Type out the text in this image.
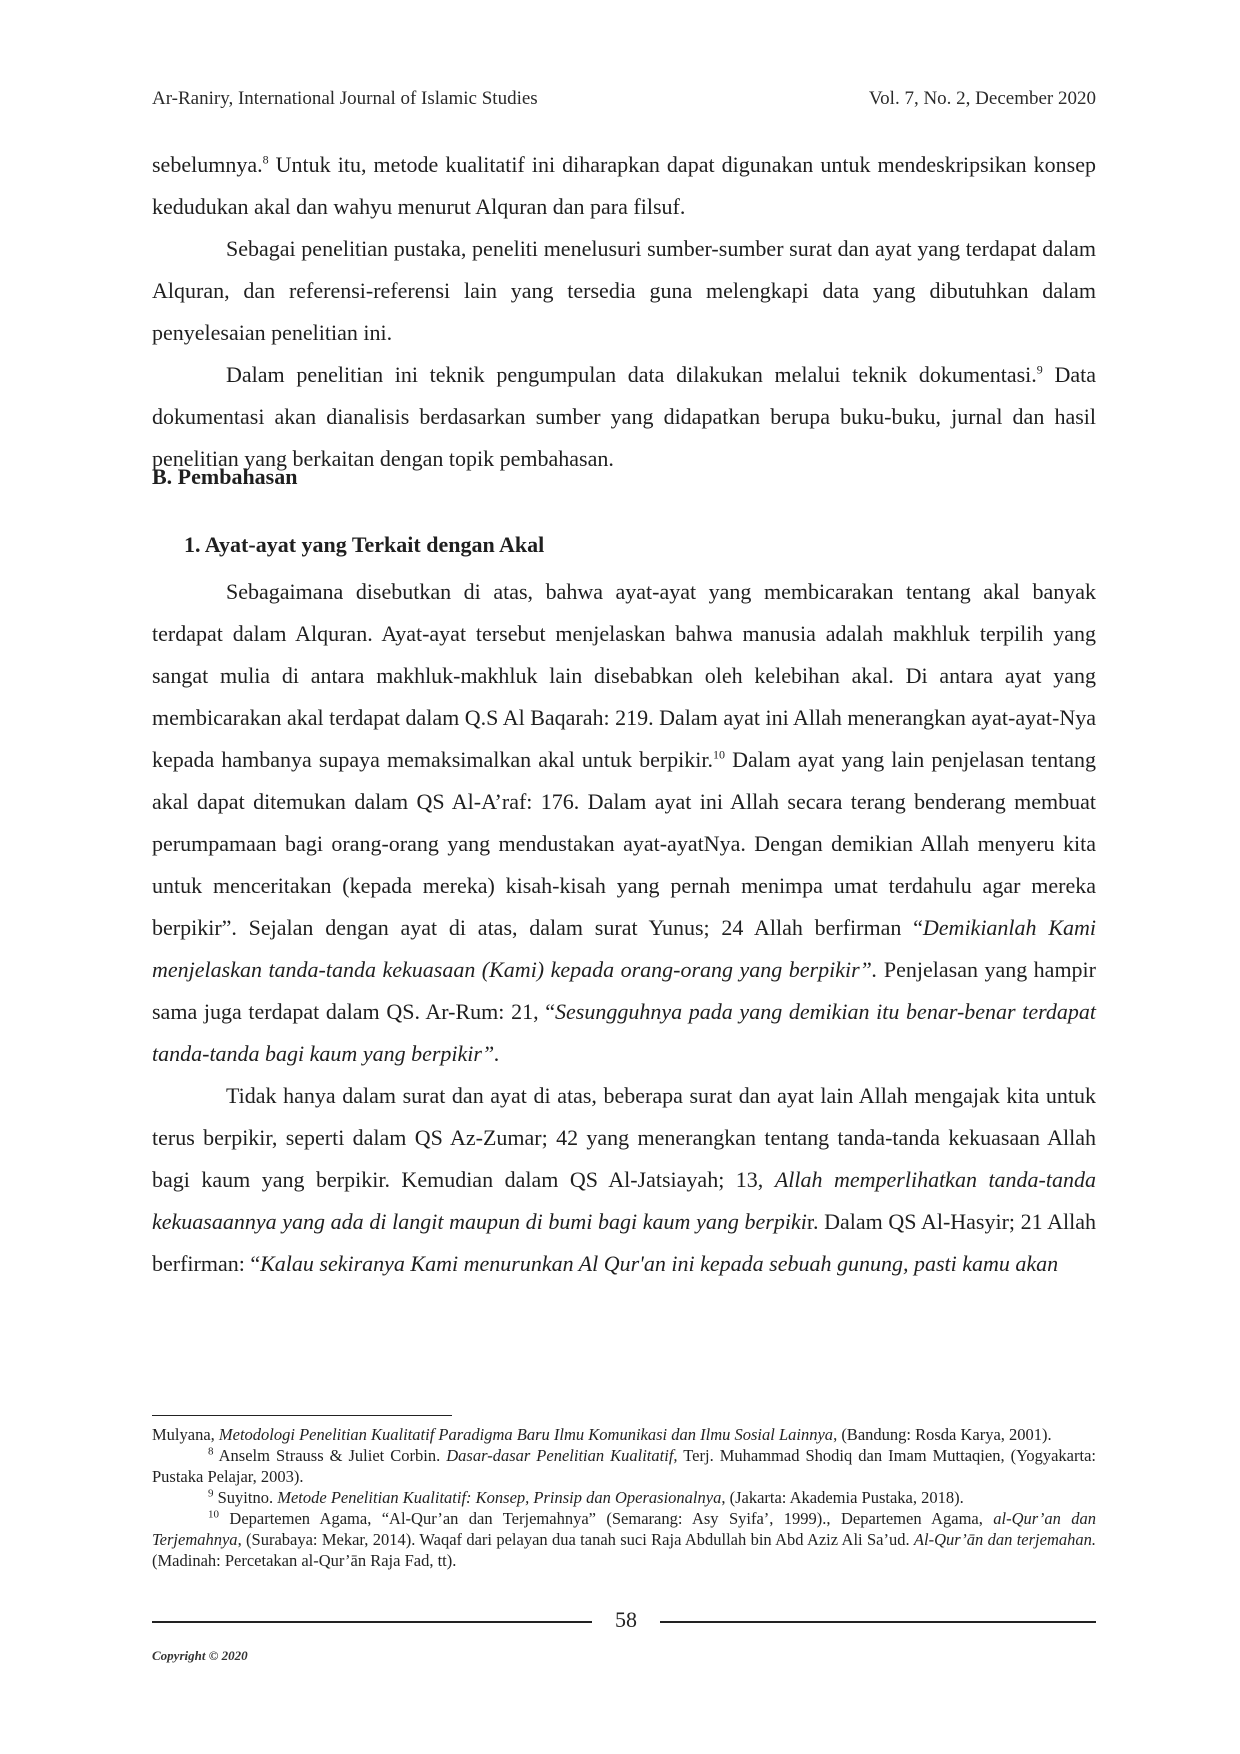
Ar-Raniry, International Journal of Islamic Studies	Vol. 7, No. 2, December 2020

sebelumnya.$^8$ Untuk itu, metode kualitatif ini diharapkan dapat digunakan untuk mendeskripsikan konsep kedudukan akal dan wahyu menurut Alquran dan para filsuf.

Sebagai penelitian pustaka, peneliti menelusuri sumber-sumber surat dan ayat yang terdapat dalam Alquran, dan referensi-referensi lain yang tersedia guna melengkapi data yang dibutuhkan dalam penyelesaian penelitian ini.

Dalam penelitian ini teknik pengumpulan data dilakukan melalui teknik dokumentasi.$^9$ Data dokumentasi akan dianalisis berdasarkan sumber yang didapatkan berupa buku-buku, jurnal dan hasil penelitian yang berkaitan dengan topik pembahasan.

B. Pembahasan

1. Ayat-ayat yang Terkait dengan Akal

Sebagaimana disebutkan di atas, bahwa ayat-ayat yang membicarakan tentang akal banyak terdapat dalam Alquran. Ayat-ayat tersebut menjelaskan bahwa manusia adalah makhluk terpilih yang sangat mulia di antara makhluk-makhluk lain disebabkan oleh kelebihan akal. Di antara ayat yang membicarakan akal terdapat dalam Q.S Al Baqarah: 219. Dalam ayat ini Allah menerangkan ayat-ayat-Nya kepada hambanya supaya memaksimalkan akal untuk berpikir.$^{10}$ Dalam ayat yang lain penjelasan tentang akal dapat ditemukan dalam QS Al-A’raf: 176. Dalam ayat ini Allah secara terang benderang membuat perumpamaan bagi orang-orang yang mendustakan ayat-ayatNya. Dengan demikian Allah menyeru kita untuk menceritakan (kepada mereka) kisah-kisah yang pernah menimpa umat terdahulu agar mereka berpikir”. Sejalan dengan ayat di atas, dalam surat Yunus; 24 Allah berfirman “Demikianlah Kami menjelaskan tanda-tanda kekuasaan (Kami) kepada orang-orang yang berpikir”. Penjelasan yang hampir sama juga terdapat dalam QS. Ar-Rum: 21, “Sesungguhnya pada yang demikian itu benar-benar terdapat tanda-tanda bagi kaum yang berpikir”.

Tidak hanya dalam surat dan ayat di atas, beberapa surat dan ayat lain Allah mengajak kita untuk terus berpikir, seperti dalam QS Az-Zumar; 42 yang menerangkan tentang tanda-tanda kekuasaan Allah bagi kaum yang berpikir. Kemudian dalam QS Al-Jatsiayah; 13, Allah memperlihatkan tanda-tanda kekuasaannya yang ada di langit maupun di bumi bagi kaum yang berpikir. Dalam QS Al-Hasyir; 21 Allah berfirman: “Kalau sekiranya Kami menurunkan Al Qur'an ini kepada sebuah gunung, pasti kamu akan

Mulyana, Metodologi Penelitian Kualitatif Paradigma Baru Ilmu Komunikasi dan Ilmu Sosial Lainnya, (Bandung: Rosda Karya, 2001).

$^8$ Anselm Strauss & Juliet Corbin. Dasar-dasar Penelitian Kualitatif, Terj. Muhammad Shodiq dan Imam Muttaqien, (Yogyakarta: Pustaka Pelajar, 2003).

$^9$ Suyitno. Metode Penelitian Kualitatif: Konsep, Prinsip dan Operasionalnya, (Jakarta: Akademia Pustaka, 2018).

$^{10}$ Departemen Agama, “Al-Qur’an dan Terjemahnya” (Semarang: Asy Syifa’, 1999)., Departemen Agama, al-Qur’an dan Terjemahnya, (Surabaya: Mekar, 2014). Waqaf dari pelayan dua tanah suci Raja Abdullah bin Abd Aziz Ali Sa’ud. Al-Qur’ān dan terjemahan. (Madinah: Percetakan al-Qur’ān Raja Fad, tt).

58
Copyright © 2020
